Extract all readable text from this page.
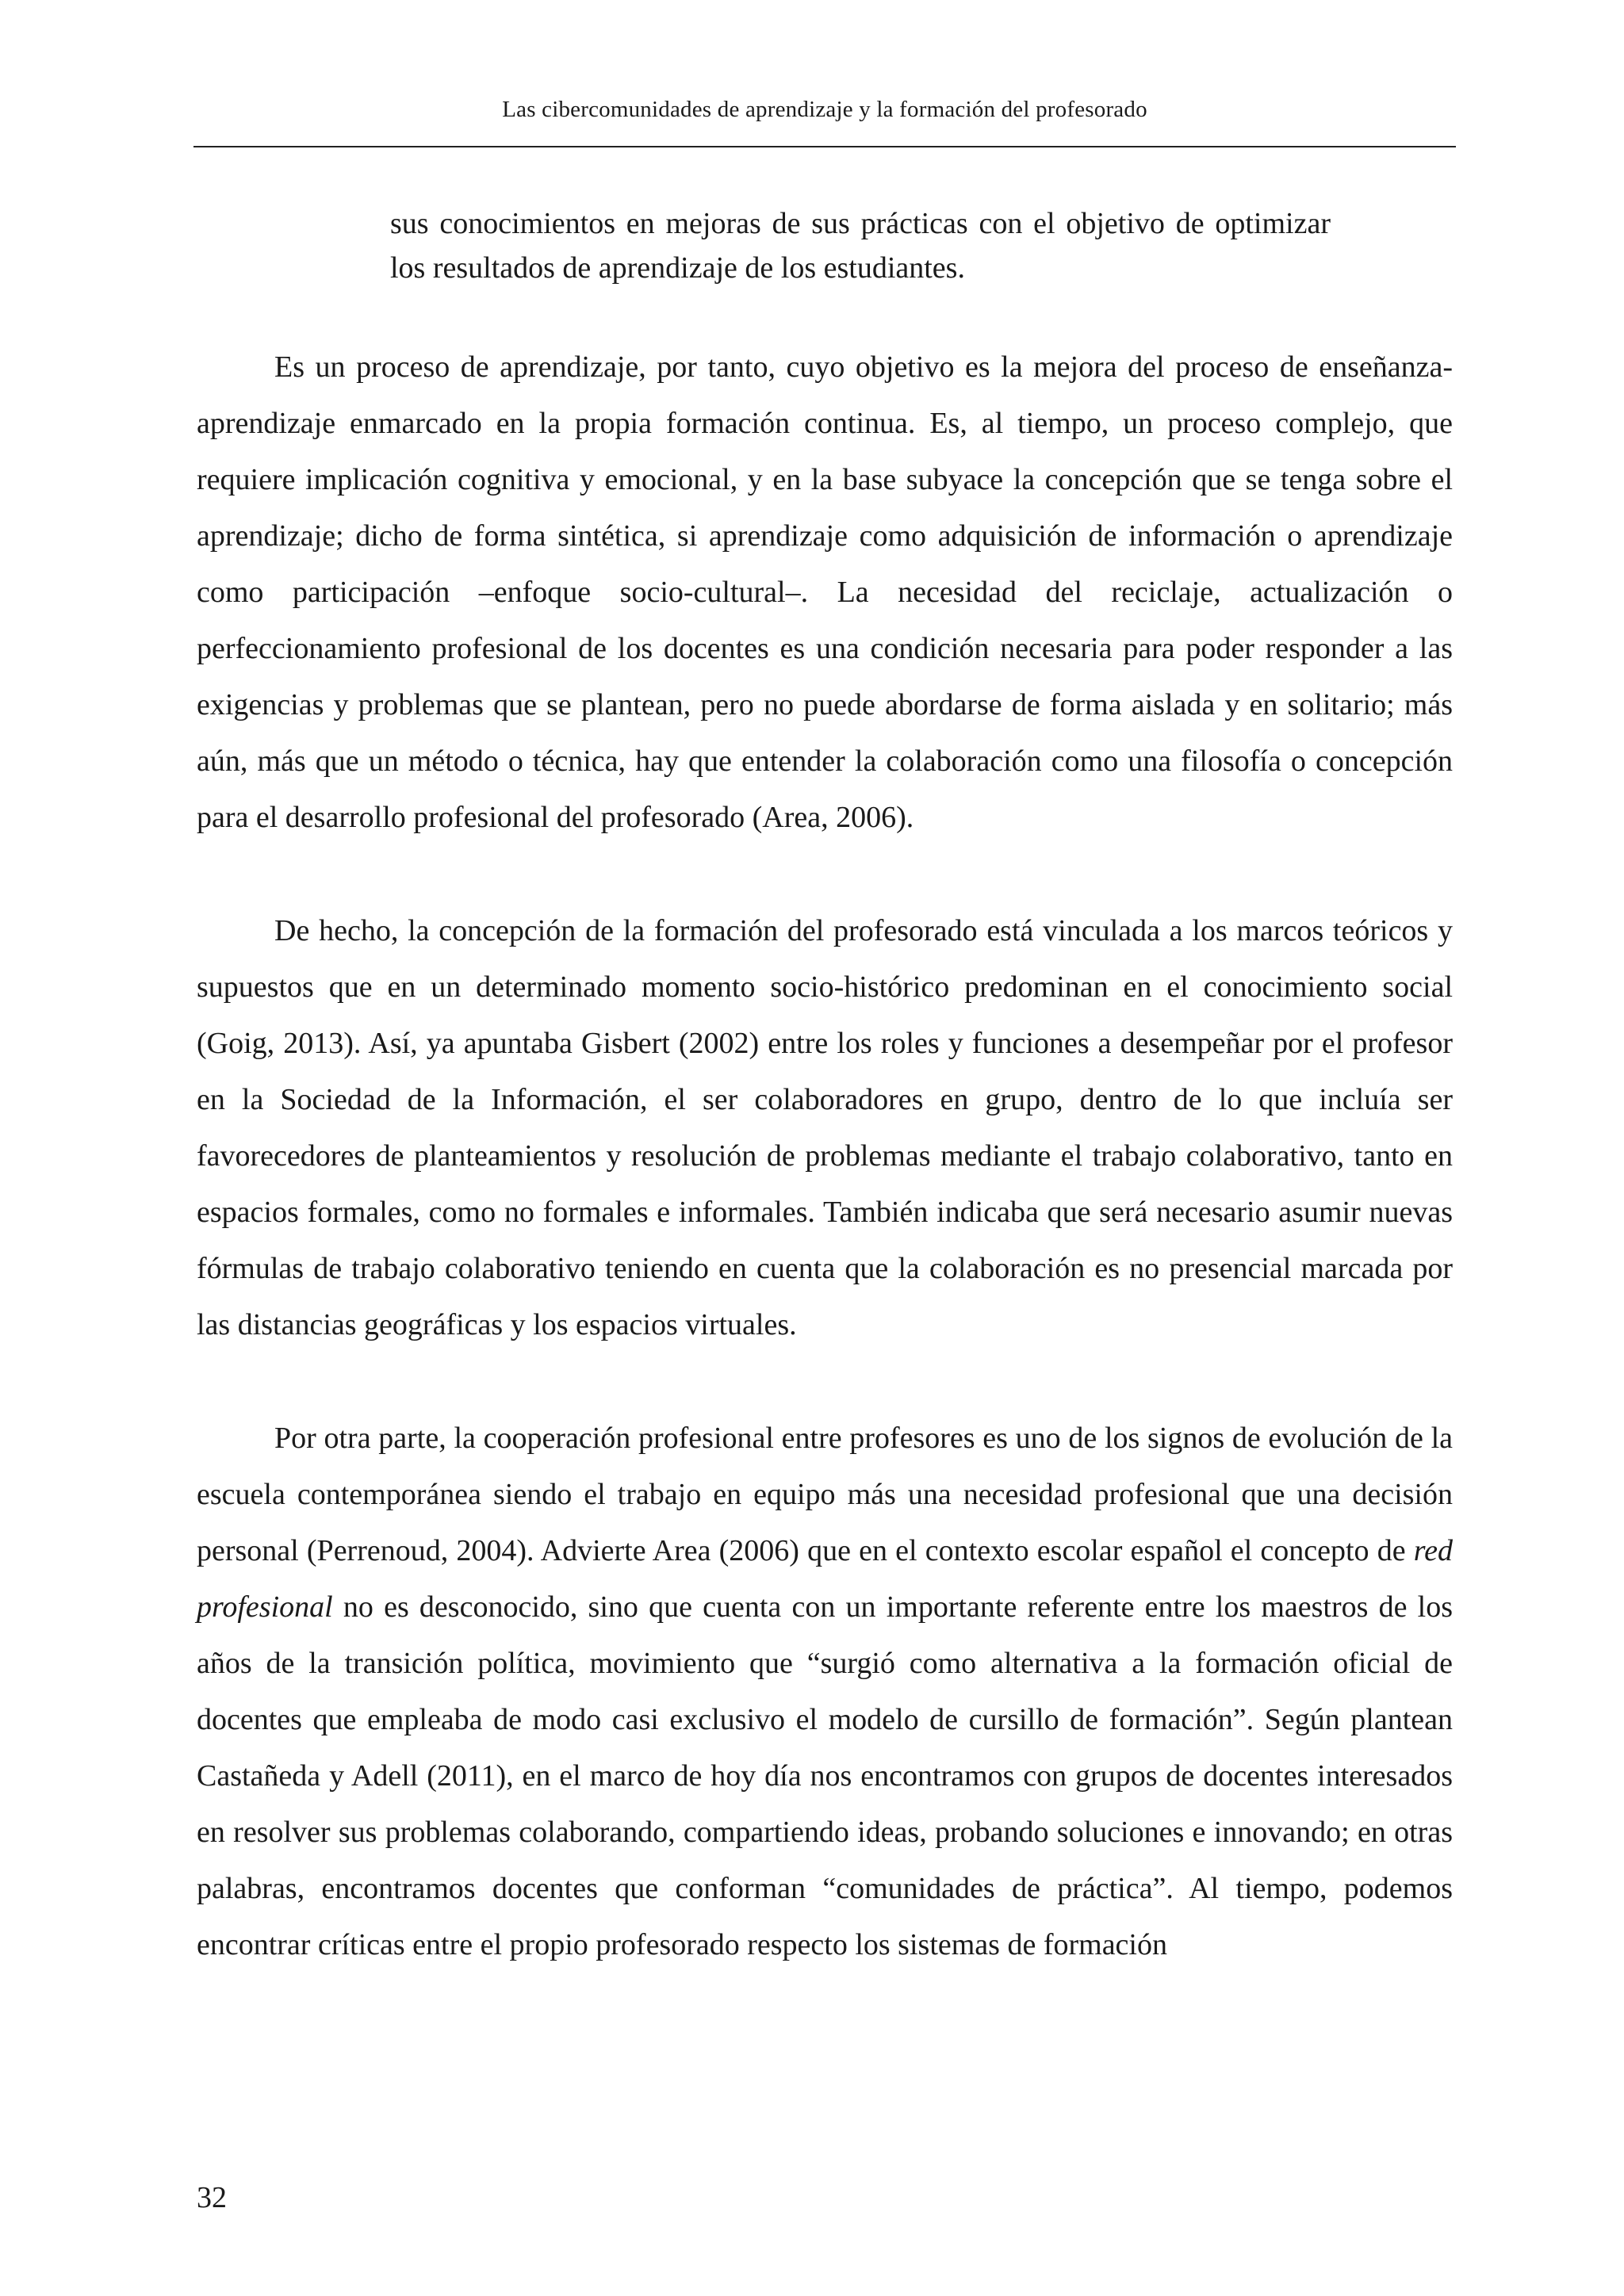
Las cibercomunidades de aprendizaje y la formación del profesorado

sus conocimientos en mejoras de sus prácticas con el objetivo de optimizar los resultados de aprendizaje de los estudiantes.

Es un proceso de aprendizaje, por tanto, cuyo objetivo es la mejora del proceso de enseñanza-aprendizaje enmarcado en la propia formación continua. Es, al tiempo, un proceso complejo, que requiere implicación cognitiva y emocional, y en la base subyace la concepción que se tenga sobre el aprendizaje; dicho de forma sintética, si aprendizaje como adquisición de información o aprendizaje como participación –enfoque socio-cultural–. La necesidad del reciclaje, actualización o perfeccionamiento profesional de los docentes es una condición necesaria para poder responder a las exigencias y problemas que se plantean, pero no puede abordarse de forma aislada y en solitario; más aún, más que un método o técnica, hay que entender la colaboración como una filosofía o concepción para el desarrollo profesional del profesorado (Area, 2006).

De hecho, la concepción de la formación del profesorado está vinculada a los marcos teóricos y supuestos que en un determinado momento socio-histórico predominan en el conocimiento social (Goig, 2013). Así, ya apuntaba Gisbert (2002) entre los roles y funciones a desempeñar por el profesor en la Sociedad de la Información, el ser colaboradores en grupo, dentro de lo que incluía ser favorecedores de planteamientos y resolución de problemas mediante el trabajo colaborativo, tanto en espacios formales, como no formales e informales. También indicaba que será necesario asumir nuevas fórmulas de trabajo colaborativo teniendo en cuenta que la colaboración es no presencial marcada por las distancias geográficas y los espacios virtuales.

Por otra parte, la cooperación profesional entre profesores es uno de los signos de evolución de la escuela contemporánea siendo el trabajo en equipo más una necesidad profesional que una decisión personal (Perrenoud, 2004). Advierte Area (2006) que en el contexto escolar español el concepto de red profesional no es desconocido, sino que cuenta con un importante referente entre los maestros de los años de la transición política, movimiento que “surgió como alternativa a la formación oficial de docentes que empleaba de modo casi exclusivo el modelo de cursillo de formación”. Según plantean Castañeda y Adell (2011), en el marco de hoy día nos encontramos con grupos de docentes interesados en resolver sus problemas colaborando, compartiendo ideas, probando soluciones e innovando; en otras palabras, encontramos docentes que conforman “comunidades de práctica”. Al tiempo, podemos encontrar críticas entre el propio profesorado respecto los sistemas de formación

32
